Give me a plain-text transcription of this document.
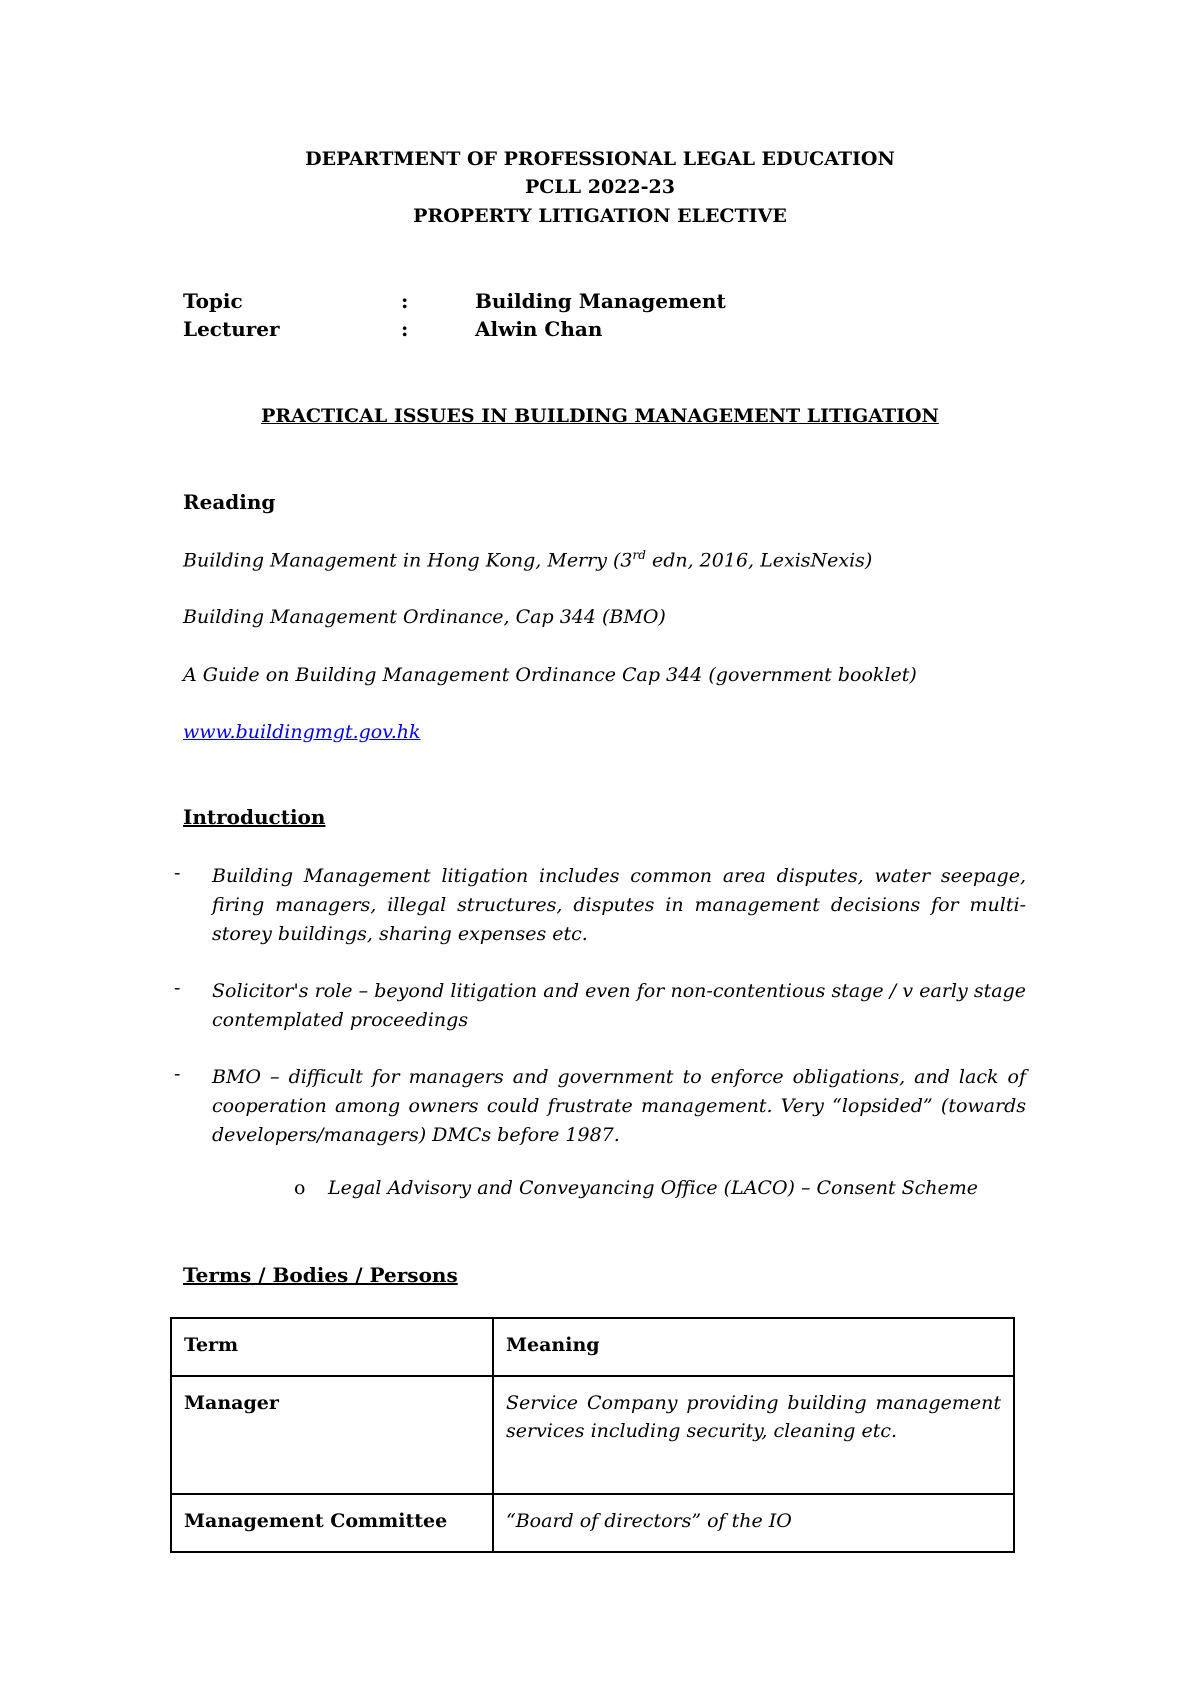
DEPARTMENT OF PROFESSIONAL LEGAL EDUCATION
PCLL 2022-23
PROPERTY LITIGATION ELECTIVE
Topic	:	Building Management
Lecturer	:	Alwin Chan
PRACTICAL ISSUES IN BUILDING MANAGEMENT LITIGATION
Reading
Building Management in Hong Kong, Merry (3rd edn, 2016, LexisNexis)
Building Management Ordinance, Cap 344 (BMO)
A Guide on Building Management Ordinance Cap 344 (government booklet)
www.buildingmgt.gov.hk
Introduction
- Building Management litigation includes common area disputes, water seepage, firing managers, illegal structures, disputes in management decisions for multi-storey buildings, sharing expenses etc.
- Solicitor's role – beyond litigation and even for non-contentious stage / v early stage contemplated proceedings
- BMO – difficult for managers and government to enforce obligations, and lack of cooperation among owners could frustrate management. Very “lopsided” (towards developers/managers) DMCs before 1987.
o Legal Advisory and Conveyancing Office (LACO) – Consent Scheme
Terms / Bodies / Persons
Term	Meaning
Manager	Service Company providing building management services including security, cleaning etc.
Management Committee	“Board of directors” of the IO
